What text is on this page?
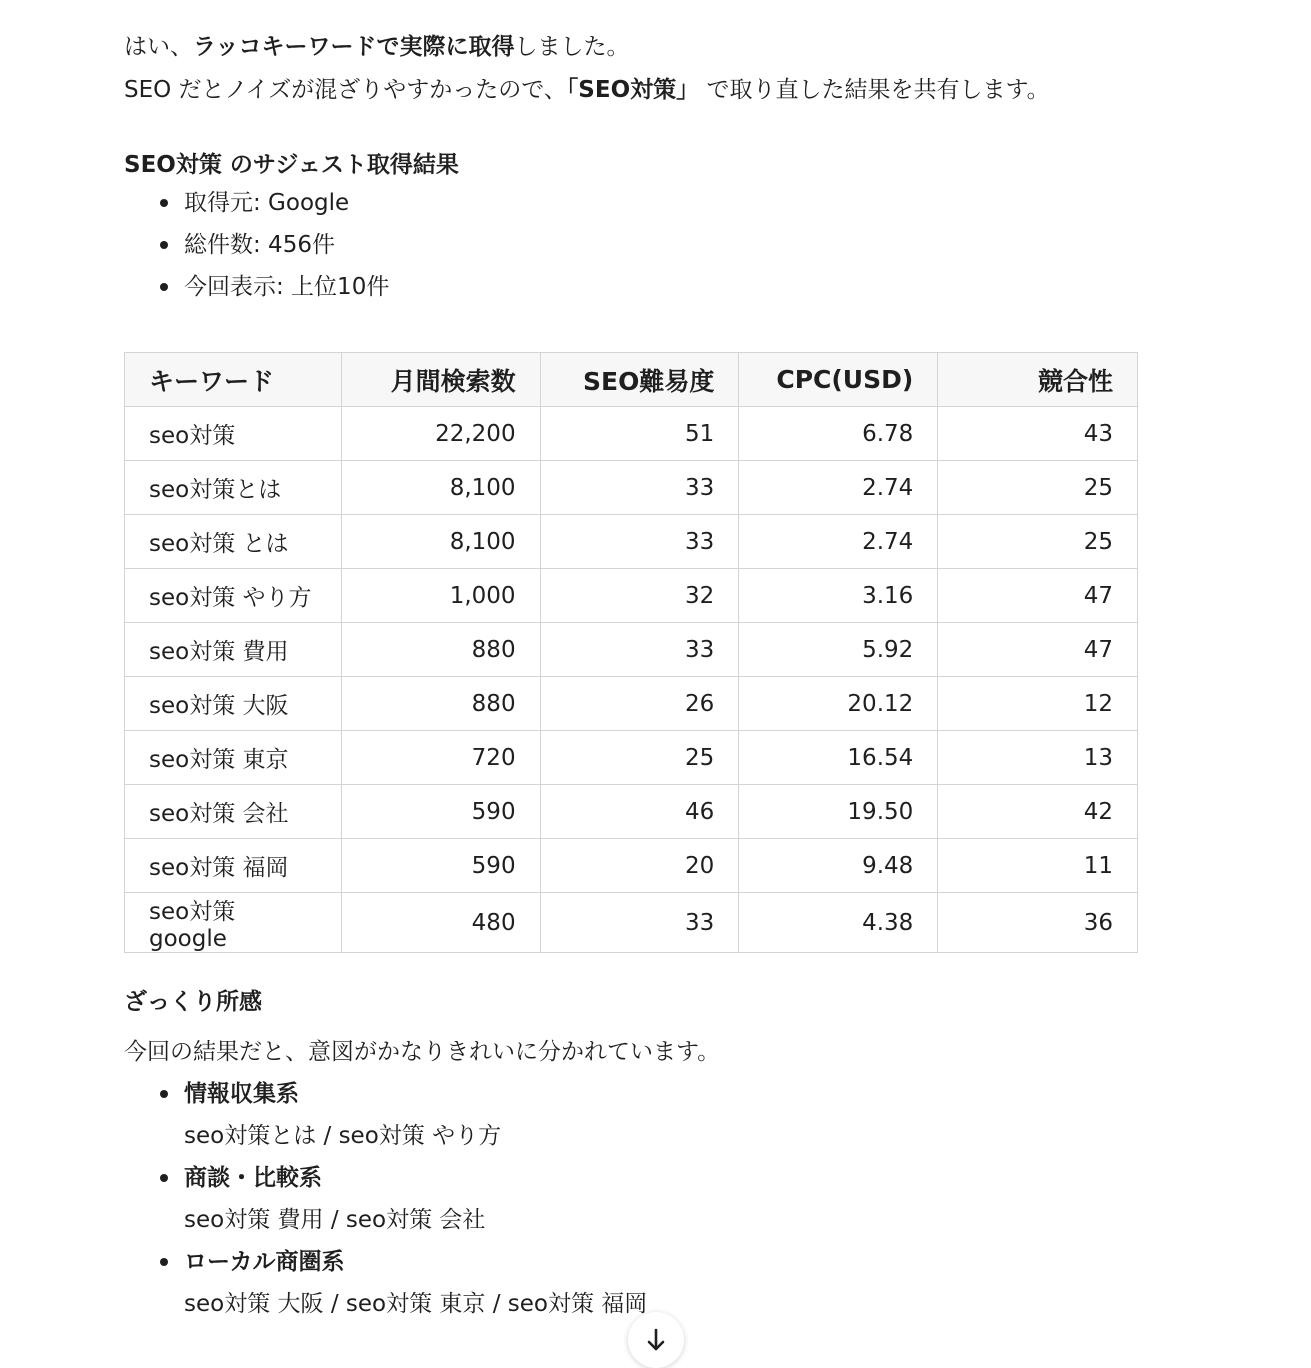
はい、ラッコキーワードで実際に取得しました。

SEO だとノイズが混ざりやすかったので、「SEO対策」 で取り直した結果を共有します。

SEO対策 のサジェスト取得結果
取得元: Google
総件数: 456件
今回表示: 上位10件
キーワード	月間検索数	SEO難易度	CPC(USD)	競合性
seo対策	22,200	51	6.78	43
seo対策とは	8,100	33	2.74	25
seo対策 とは	8,100	33	2.74	25
seo対策 やり方	1,000	32	3.16	47
seo対策 費用	880	33	5.92	47
seo対策 大阪	880	26	20.12	12
seo対策 東京	720	25	16.54	13
seo対策 会社	590	46	19.50	42
seo対策 福岡	590	20	9.48	11
seo対策 google	480	33	4.38	36
ざっくり所感

今回の結果だと、意図がかなりきれいに分かれています。

情報収集系
seo対策とは / seo対策 やり方
商談・比較系
seo対策 費用 / seo対策 会社
ローカル商圏系
seo対策 大阪 / seo対策 東京 / seo対策 福岡
